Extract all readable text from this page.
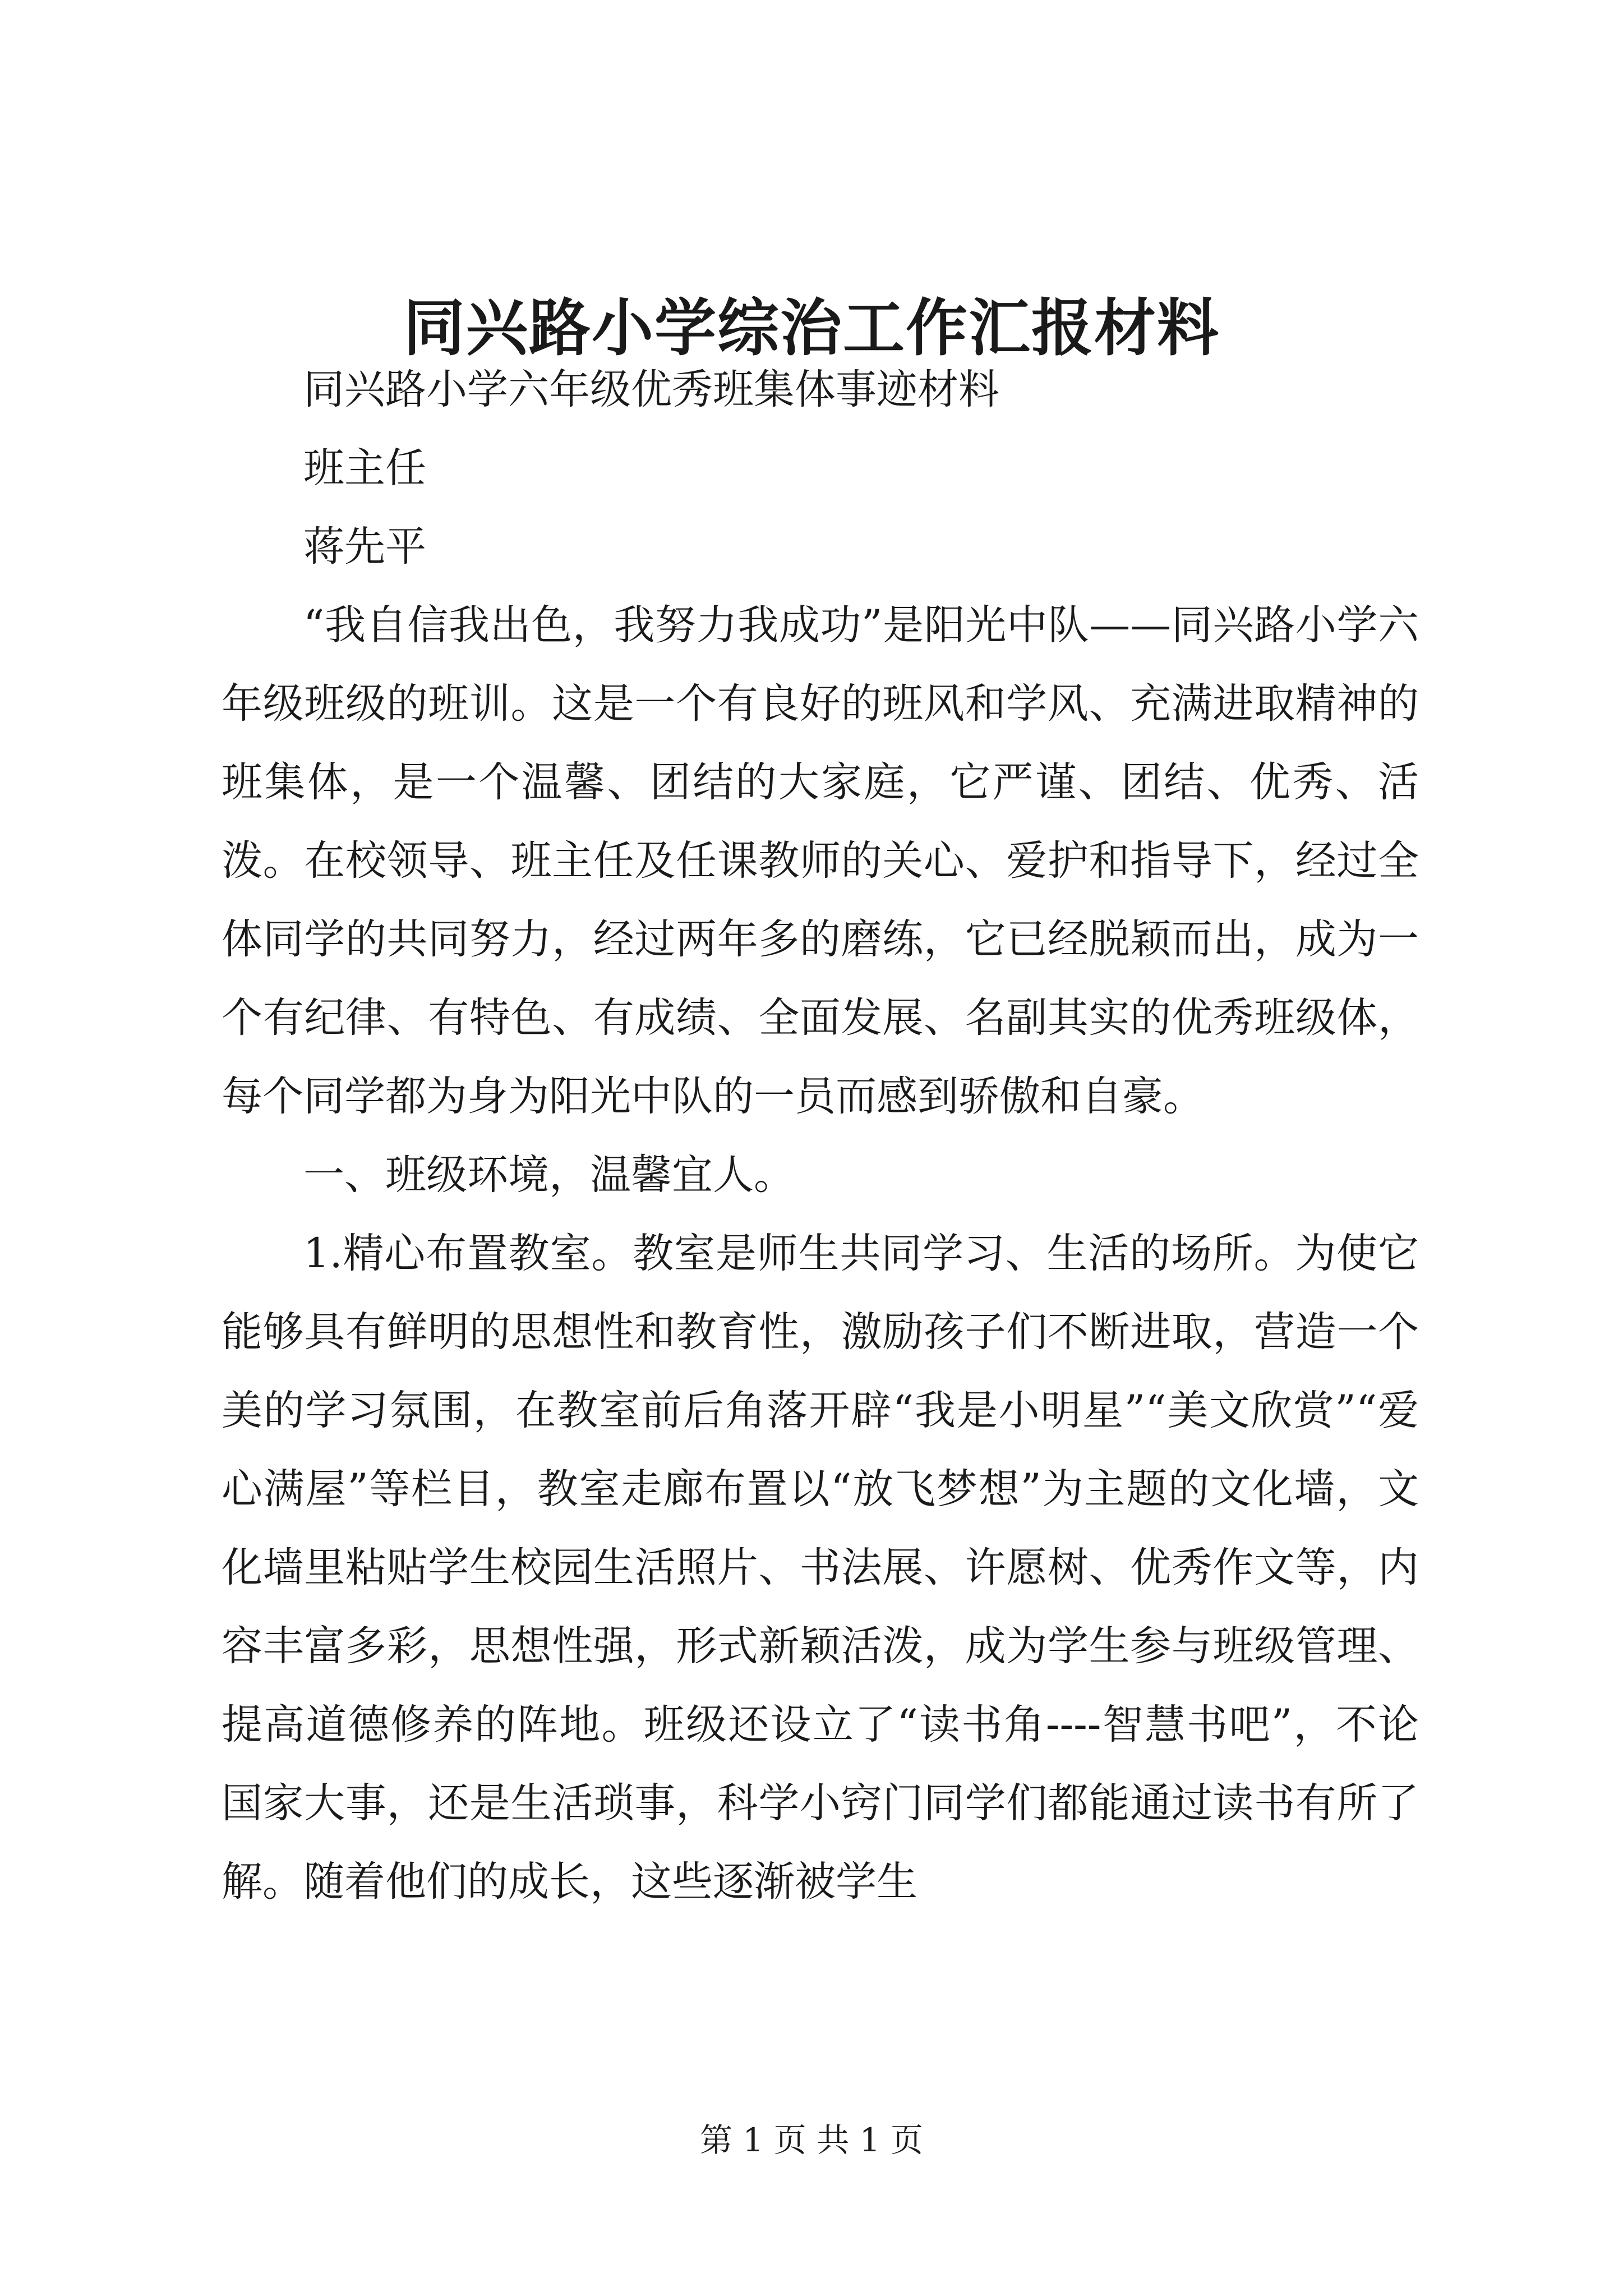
同兴路小学综治工作汇报材料

同兴路小学六年级优秀班集体事迹材料

班主任

蒋先平

“我自信我出色，我努力我成功”是阳光中队——同兴路小学六年级班级的班训。这是一个有良好的班风和学风、充满进取精神的班集体，是一个温馨、团结的大家庭，它严谨、团结、优秀、活泼。在校领导、班主任及任课教师的关心、爱护和指导下，经过全体同学的共同努力，经过两年多的磨练，它已经脱颖而出，成为一个有纪律、有特色、有成绩、全面发展、名副其实的优秀班级体，每个同学都为身为阳光中队的一员而感到骄傲和自豪。

一、班级环境，温馨宜人。

1.精心布置教室。教室是师生共同学习、生活的场所。为使它能够具有鲜明的思想性和教育性，激励孩子们不断进取，营造一个美的学习氛围，在教室前后角落开辟“我是小明星”“美文欣赏”“爱心满屋”等栏目，教室走廊布置以“放飞梦想”为主题的文化墙，文化墙里粘贴学生校园生活照片、书法展、许愿树、优秀作文等，内容丰富多彩，思想性强，形式新颖活泼，成为学生参与班级管理、提高道德修养的阵地。班级还设立了“读书角----智慧书吧”，不论国家大事，还是生活琐事，科学小窍门同学们都能通过读书有所了解。随着他们的成长，这些逐渐被学生

第 1 页 共 1 页
